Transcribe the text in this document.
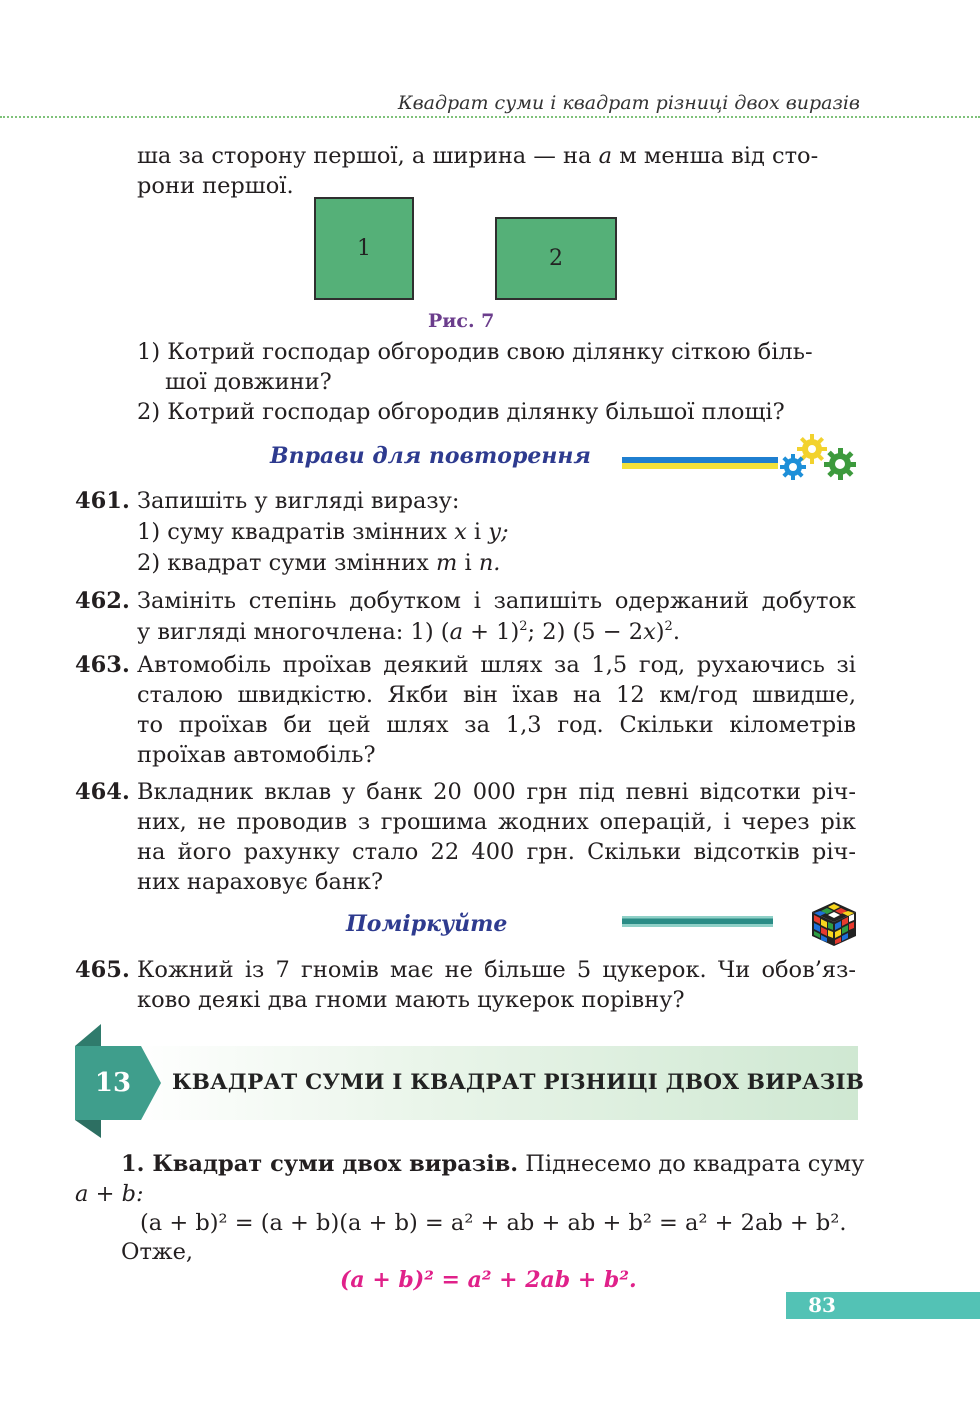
Квадрат суми і квадрат різниці двох виразів
ша за сторону першої, а ширина — на a м менша від сто-
рони першої.
1	2
Рис. 7
1) Котрий господар обгородив свою ділянку сіткою біль-
шої довжини?
2) Котрий господар обгородив ділянку більшої площі?
Вправи для повторення
461. Запишіть у вигляді виразу:
1) суму квадратів змінних x і y;
2) квадрат суми змінних m і n.
462. Замініть степінь добутком і запишіть одержаний добуток
у вигляді многочлена: 1) $(a + 1)^2$; 2) $(5 - 2x)^2$.
463. Автомобіль проїхав деякий шлях за 1,5 год, рухаючись зі
сталою швидкістю. Якби він їхав на 12 км/год швидше,
то проїхав би цей шлях за 1,3 год. Скільки кілометрів
проїхав автомобіль?
464. Вкладник вклав у банк 20 000 грн під певні відсотки річ-
них, не проводив з грошима жодних операцій, і через рік
на його рахунку стало 22 400 грн. Скільки відсотків річ-
них нараховує банк?
Поміркуйте
465. Кожний із 7 гномів має не більше 5 цукерок. Чи обов’яз-
ково деякі два гноми мають цукерок порівну?
13	КВАДРАТ СУМИ І КВАДРАТ РІЗНИЦІ ДВОХ ВИРАЗІВ
1. Квадрат суми двох виразів. Піднесемо до квадрата суму
a + b:
(a + b)² = (a + b)(a + b) = a² + ab + ab + b² = a² + 2ab + b².
Отже,
(a + b)² = a² + 2ab + b².
83
